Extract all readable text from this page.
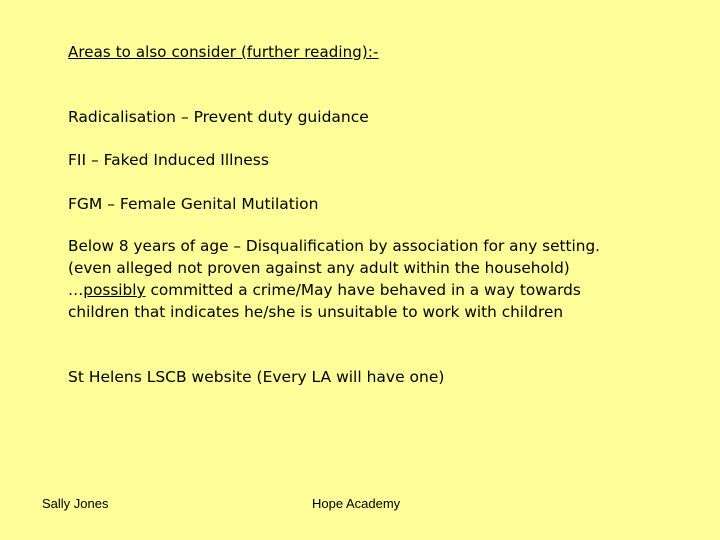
Areas to also consider (further reading):-
Radicalisation – Prevent duty guidance
FII – Faked Induced Illness
FGM – Female Genital Mutilation
Below 8 years of age – Disqualification by association for any setting.
(even alleged not proven against any adult within the household)
…possibly committed a crime/May have behaved in a way towards
children that indicates he/she is unsuitable to work with children
St Helens LSCB website (Every LA will have one)
Sally Jones	Hope Academy
